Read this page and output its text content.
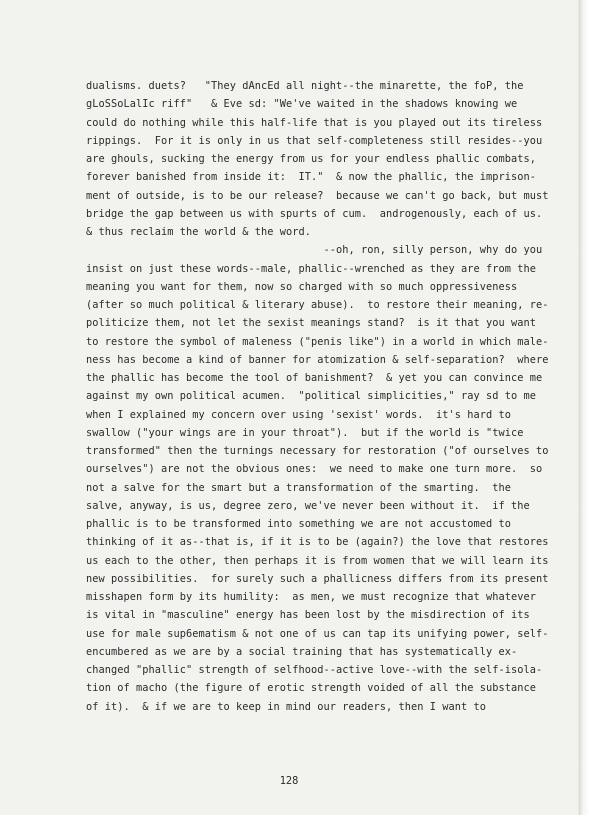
dualisms. duets?   "They dAncEd all night--the minarette, the foP, the
gLoSSoLalIc riff"   & Eve sd: "We've waited in the shadows knowing we
could do nothing while this half-life that is you played out its tireless
rippings.  For it is only in us that self-completeness still resides--you
are ghouls, sucking the energy from us for your endless phallic combats,
forever banished from inside it:  IT."  & now the phallic, the imprison-
ment of outside, is to be our release?  because we can't go back, but must
bridge the gap between us with spurts of cum.  androgenously, each of us.
& thus reclaim the world & the word.
--oh, ron, silly person, why do you
insist on just these words--male, phallic--wrenched as they are from the
meaning you want for them, now so charged with so much oppressiveness
(after so much political & literary abuse).  to restore their meaning, re-
politicize them, not let the sexist meanings stand?  is it that you want
to restore the symbol of maleness ("penis like") in a world in which male-
ness has become a kind of banner for atomization & self-separation?  where
the phallic has become the tool of banishment?  & yet you can convince me
against my own political acumen.  "political simplicities," ray sd to me
when I explained my concern over using 'sexist' words.  it's hard to
swallow ("your wings are in your throat").  but if the world is "twice
transformed" then the turnings necessary for restoration ("of ourselves to
ourselves") are not the obvious ones:  we need to make one turn more.  so
not a salve for the smart but a transformation of the smarting.  the
salve, anyway, is us, degree zero, we've never been without it.  if the
phallic is to be transformed into something we are not accustomed to
thinking of it as--that is, if it is to be (again?) the love that restores
us each to the other, then perhaps it is from women that we will learn its
new possibilities.  for surely such a phallicness differs from its present
misshapen form by its humility:  as men, we must recognize that whatever
is vital in "masculine" energy has been lost by the misdirection of its
use for male sup6ematism & not one of us can tap its unifying power, self-
encumbered as we are by a social training that has systematically ex-
changed "phallic" strength of selfhood--active love--with the self-isola-
tion of macho (the figure of erotic strength voided of all the substance
of it).  & if we are to keep in mind our readers, then I want to
128
